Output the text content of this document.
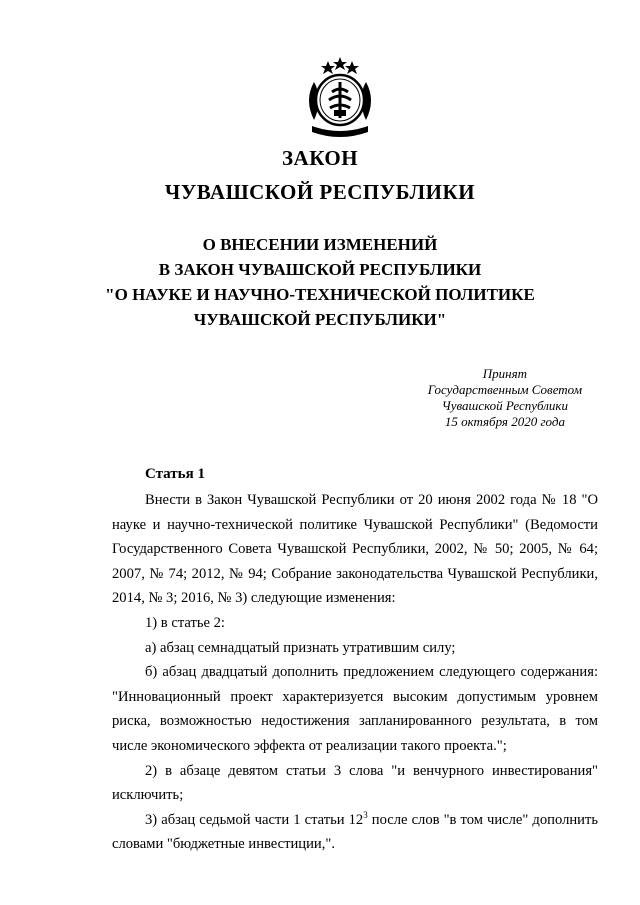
ЗАКОН
ЧУВАШСКОЙ РЕСПУБЛИКИ
О ВНЕСЕНИИ ИЗМЕНЕНИЙ
В ЗАКОН ЧУВАШСКОЙ РЕСПУБЛИКИ
"О НАУКЕ И НАУЧНО-ТЕХНИЧЕСКОЙ ПОЛИТИКЕ
ЧУВАШСКОЙ РЕСПУБЛИКИ"
Принят
Государственным Советом
Чувашской Республики
15 октября 2020 года
Статья 1

Внести в Закон Чувашской Республики от 20 июня 2002 года № 18 "О науке и научно-технической политике Чувашской Республики" (Ведомости Государственного Совета Чувашской Республики, 2002, № 50; 2005, № 64; 2007, № 74; 2012, № 94; Собрание законодательства Чувашской Республики, 2014, № 3; 2016, № 3) следующие изменения:

1) в статье 2:

а) абзац семнадцатый признать утратившим силу;

б) абзац двадцатый дополнить предложением следующего содержания: "Инновационный проект характеризуется высоким допустимым уровнем риска, возможностью недостижения запланированного результата, в том числе экономического эффекта от реализации такого проекта.";

2) в абзаце девятом статьи 3 слова "и венчурного инвестирования" исключить;

3) абзац седьмой части 1 статьи $12^3$ после слов "в том числе" дополнить словами "бюджетные инвестиции,".
